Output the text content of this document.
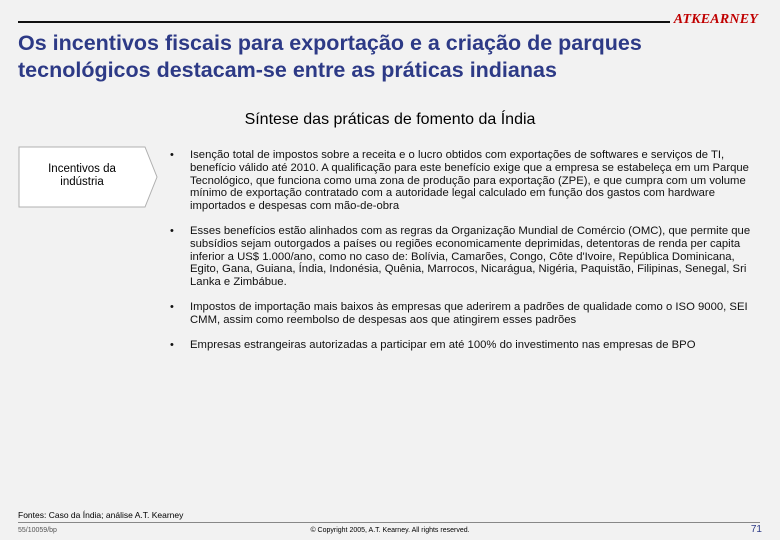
ATKEARNEY
Os incentivos fiscais para exportação e a criação de parques tecnológicos destacam-se entre as práticas indianas
Síntese das práticas de fomento da Índia
Incentivos da indústria
• Isenção total de impostos sobre a receita e o lucro obtidos com exportações de softwares e serviços de TI, benefício válido até 2010. A qualificação para este benefício exige que a empresa se estabeleça em um Parque Tecnológico, que funciona como uma zona de produção para exportação (ZPE), e que cumpra com um volume mínimo de exportação contratado com a autoridade legal calculado em função dos gastos com hardware importados e despesas com mão-de-obra
• Esses benefícios estão alinhados com as regras da Organização Mundial de Comércio (OMC), que permite que subsídios sejam outorgados a países ou regiões economicamente deprimidas, detentoras de renda per capita inferior a US$ 1.000/ano, como no caso de: Bolívia, Camarões, Congo, Côte d'Ivoire, República Dominicana, Egito, Gana, Guiana, Índia, Indonésia, Quênia, Marrocos, Nicarágua, Nigéria, Paquistão, Filipinas, Senegal, Sri Lanka e Zimbábue.
• Impostos de importação mais baixos às empresas que aderirem a padrões de qualidade como o ISO 9000, SEI CMM, assim como reembolso de despesas aos que atingirem esses padrões
• Empresas estrangeiras autorizadas a participar em até 100% do investimento nas empresas de BPO
Fontes: Caso da Índia; análise A.T. Kearney
55/10059/bp	© Copyright 2005, A.T. Kearney. All rights reserved.	71
